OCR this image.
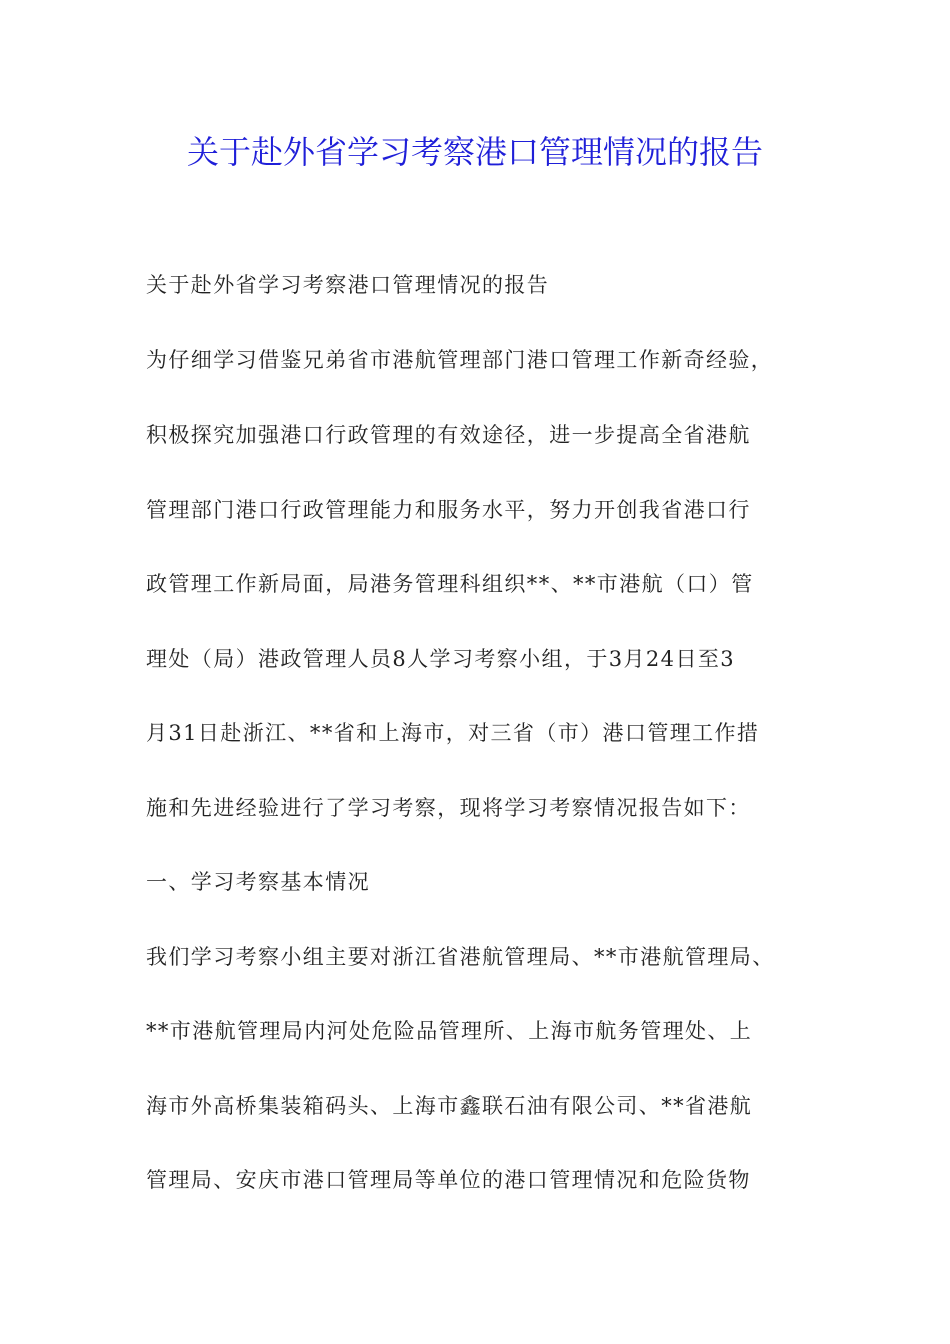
关于赴外省学习考察港口管理情况的报告

关于赴外省学习考察港口管理情况的报告

为仔细学习借鉴兄弟省市港航管理部门港口管理工作新奇经验，

积极探究加强港口行政管理的有效途径，进一步提高全省港航

管理部门港口行政管理能力和服务水平，努力开创我省港口行

政管理工作新局面，局港务管理科组织**、**市港航（口）管

理处（局）港政管理人员8人学习考察小组，于3月24日至3

月31日赴浙江、**省和上海市，对三省（市）港口管理工作措

施和先进经验进行了学习考察，现将学习考察情况报告如下：

一、学习考察基本情况

我们学习考察小组主要对浙江省港航管理局、**市港航管理局、

**市港航管理局内河处危险品管理所、上海市航务管理处、上

海市外高桥集装箱码头、上海市鑫联石油有限公司、**省港航

管理局、安庆市港口管理局等单位的港口管理情况和危险货物
